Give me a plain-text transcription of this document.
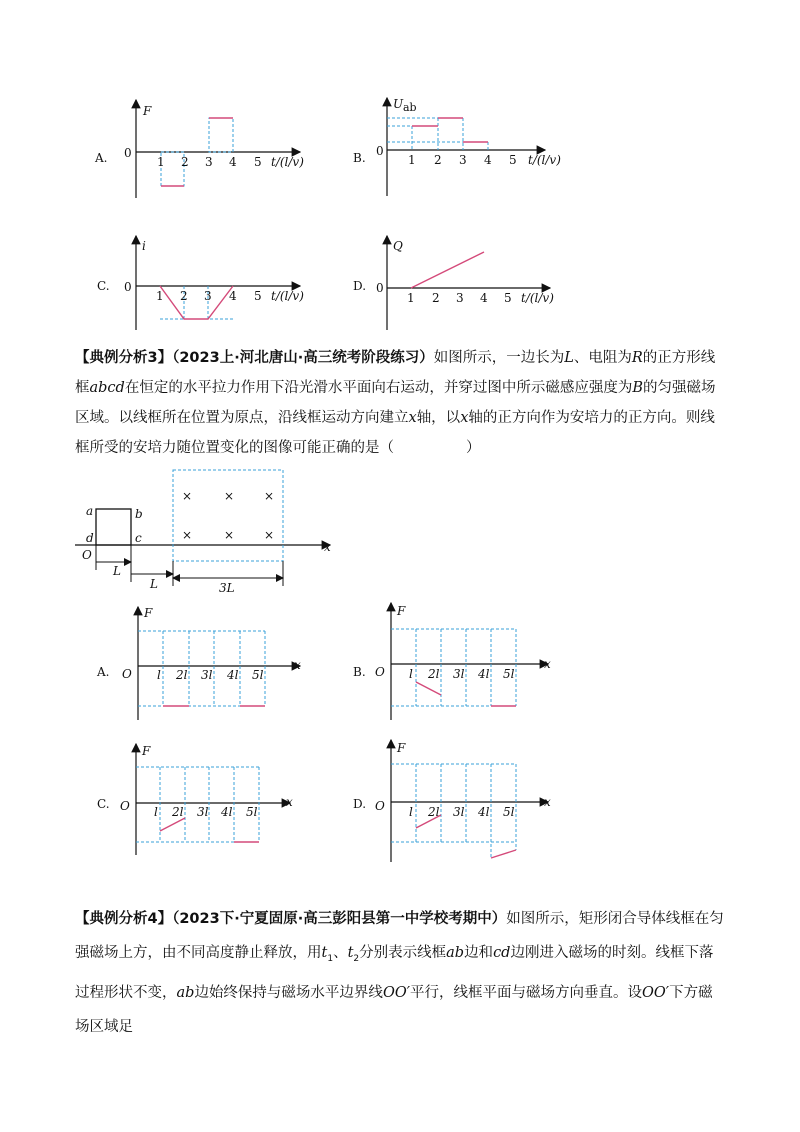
A.
F
0
1 2 3 4 5 t/(l/v)	B.
U ab
0
1 2 3 4 5 t/(l/v)
C.
i
0
1 2 3 4 5 t/(l/v)
D.
Q
0
1 2 3 4 5 t/(l/v)
x
a	b
c
d
O
×	× ×
×	× ×
L
L	3L
A.
F
O
x
l 2l 3l 4l 5l	B.
F
O
x
l 2l 3l 4l 5l
C.
F
O	x
l 2l 3l 4l 5l
D.
F
O	x
l 2l 3l 4l 5l
【典例分析3】（2023上·河北唐山·高三统考阶段练习）如图所示，一边长为L、电阻为R的正方形线框abcd在恒定的水平拉力作用下沿光滑水平面向右运动，并穿过图中所示磁感应强度为B的匀强磁场区域。以线框所在位置为原点，沿线框运动方向建立x轴，以x轴的正方向作为安培力的正方向。则线框所受的安培力随位置变化的图像可能正确的是（	）
【典例分析4】（2023下·宁夏固原·高三彭阳县第一中学校考期中）如图所示，矩形闭合导体线框在匀强磁场上方，由不同高度静止释放，用$t_1$、$t_2$分别表示线框ab边和cd边刚进入磁场的时刻。线框下落过程形状不变，ab边始终保持与磁场水平边界线OO′平行，线框平面与磁场方向垂直。设OO′下方磁场区域足
